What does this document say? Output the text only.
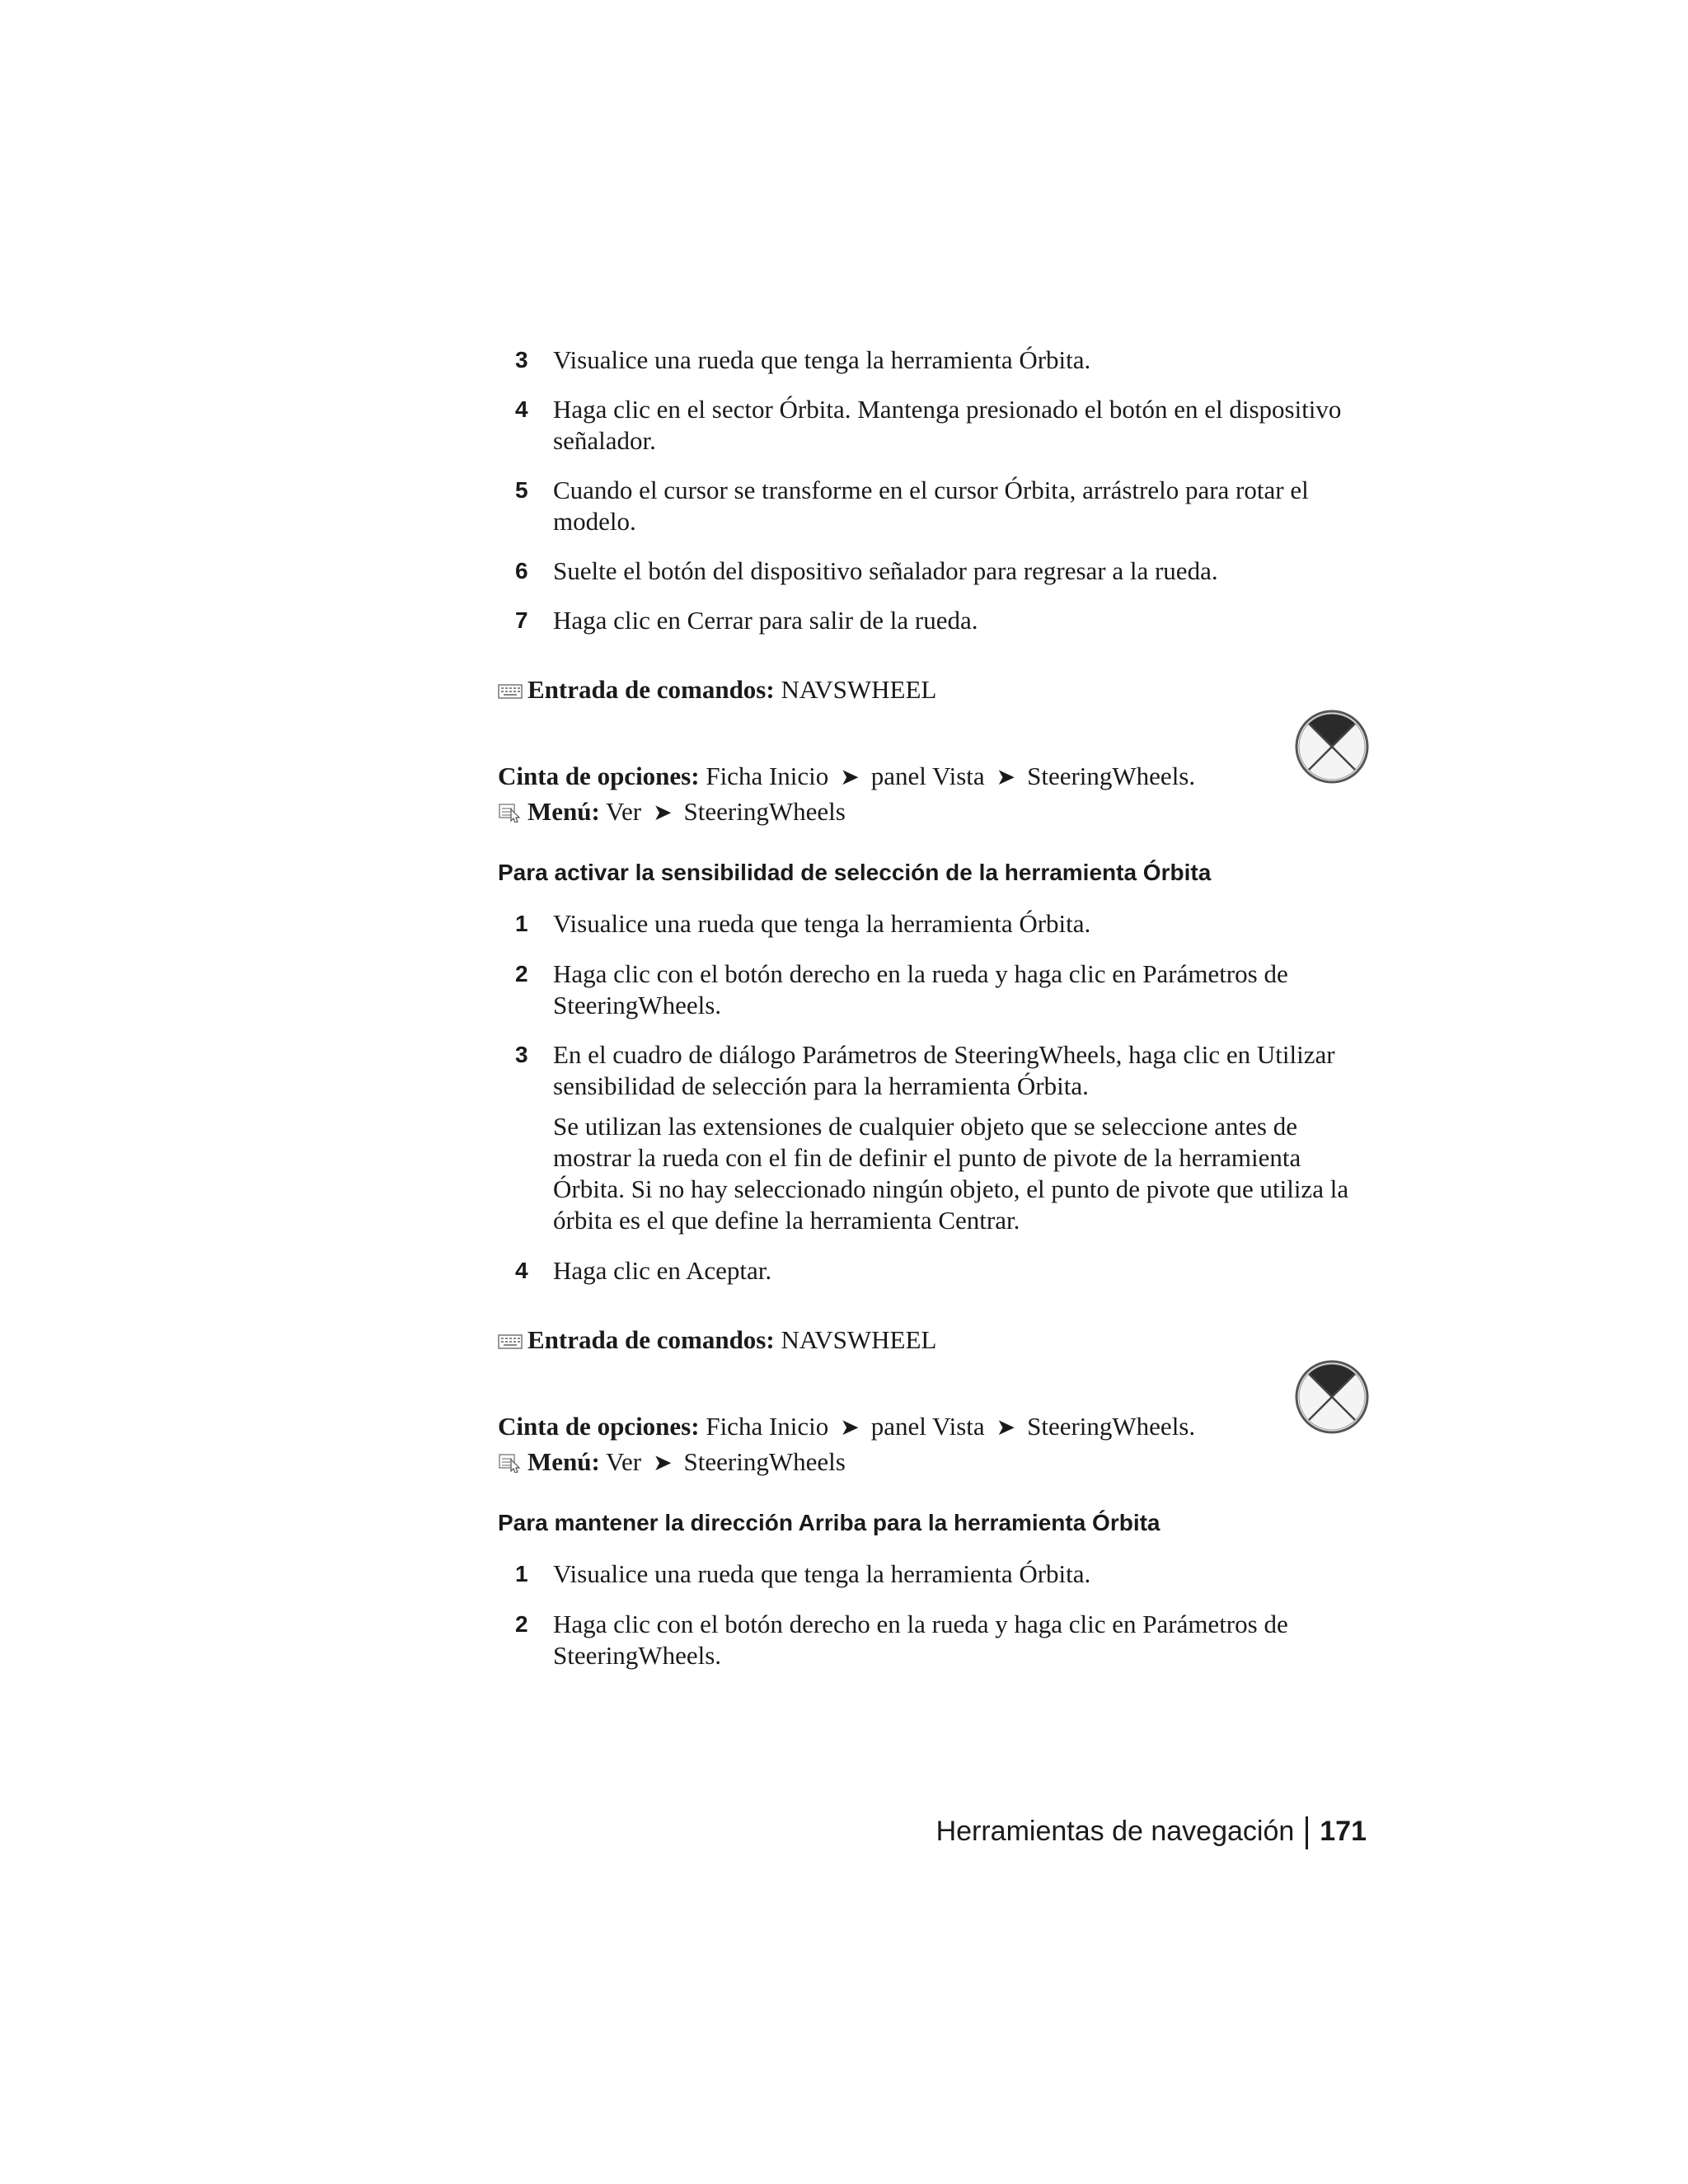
3 Visualice una rueda que tenga la herramienta Órbita.
4 Haga clic en el sector Órbita. Mantenga presionado el botón en el dispositivo señalador.
5 Cuando el cursor se transforme en el cursor Órbita, arrástrelo para rotar el modelo.
6 Suelte el botón del dispositivo señalador para regresar a la rueda.
7 Haga clic en Cerrar para salir de la rueda.
Entrada de comandos: NAVSWHEEL
Cinta de opciones: Ficha Inicio ➤ panel Vista ➤ SteeringWheels.
Menú: Ver ➤ SteeringWheels
Para activar la sensibilidad de selección de la herramienta Órbita
1 Visualice una rueda que tenga la herramienta Órbita.
2 Haga clic con el botón derecho en la rueda y haga clic en Parámetros de SteeringWheels.
3 En el cuadro de diálogo Parámetros de SteeringWheels, haga clic en Utilizar sensibilidad de selección para la herramienta Órbita.
Se utilizan las extensiones de cualquier objeto que se seleccione antes de mostrar la rueda con el fin de definir el punto de pivote de la herramienta Órbita. Si no hay seleccionado ningún objeto, el punto de pivote que utiliza la órbita es el que define la herramienta Centrar.
4 Haga clic en Aceptar.
Entrada de comandos: NAVSWHEEL
Cinta de opciones: Ficha Inicio ➤ panel Vista ➤ SteeringWheels.
Menú: Ver ➤ SteeringWheels
Para mantener la dirección Arriba para la herramienta Órbita
1 Visualice una rueda que tenga la herramienta Órbita.
2 Haga clic con el botón derecho en la rueda y haga clic en Parámetros de SteeringWheels.
Herramientas de navegación 171
